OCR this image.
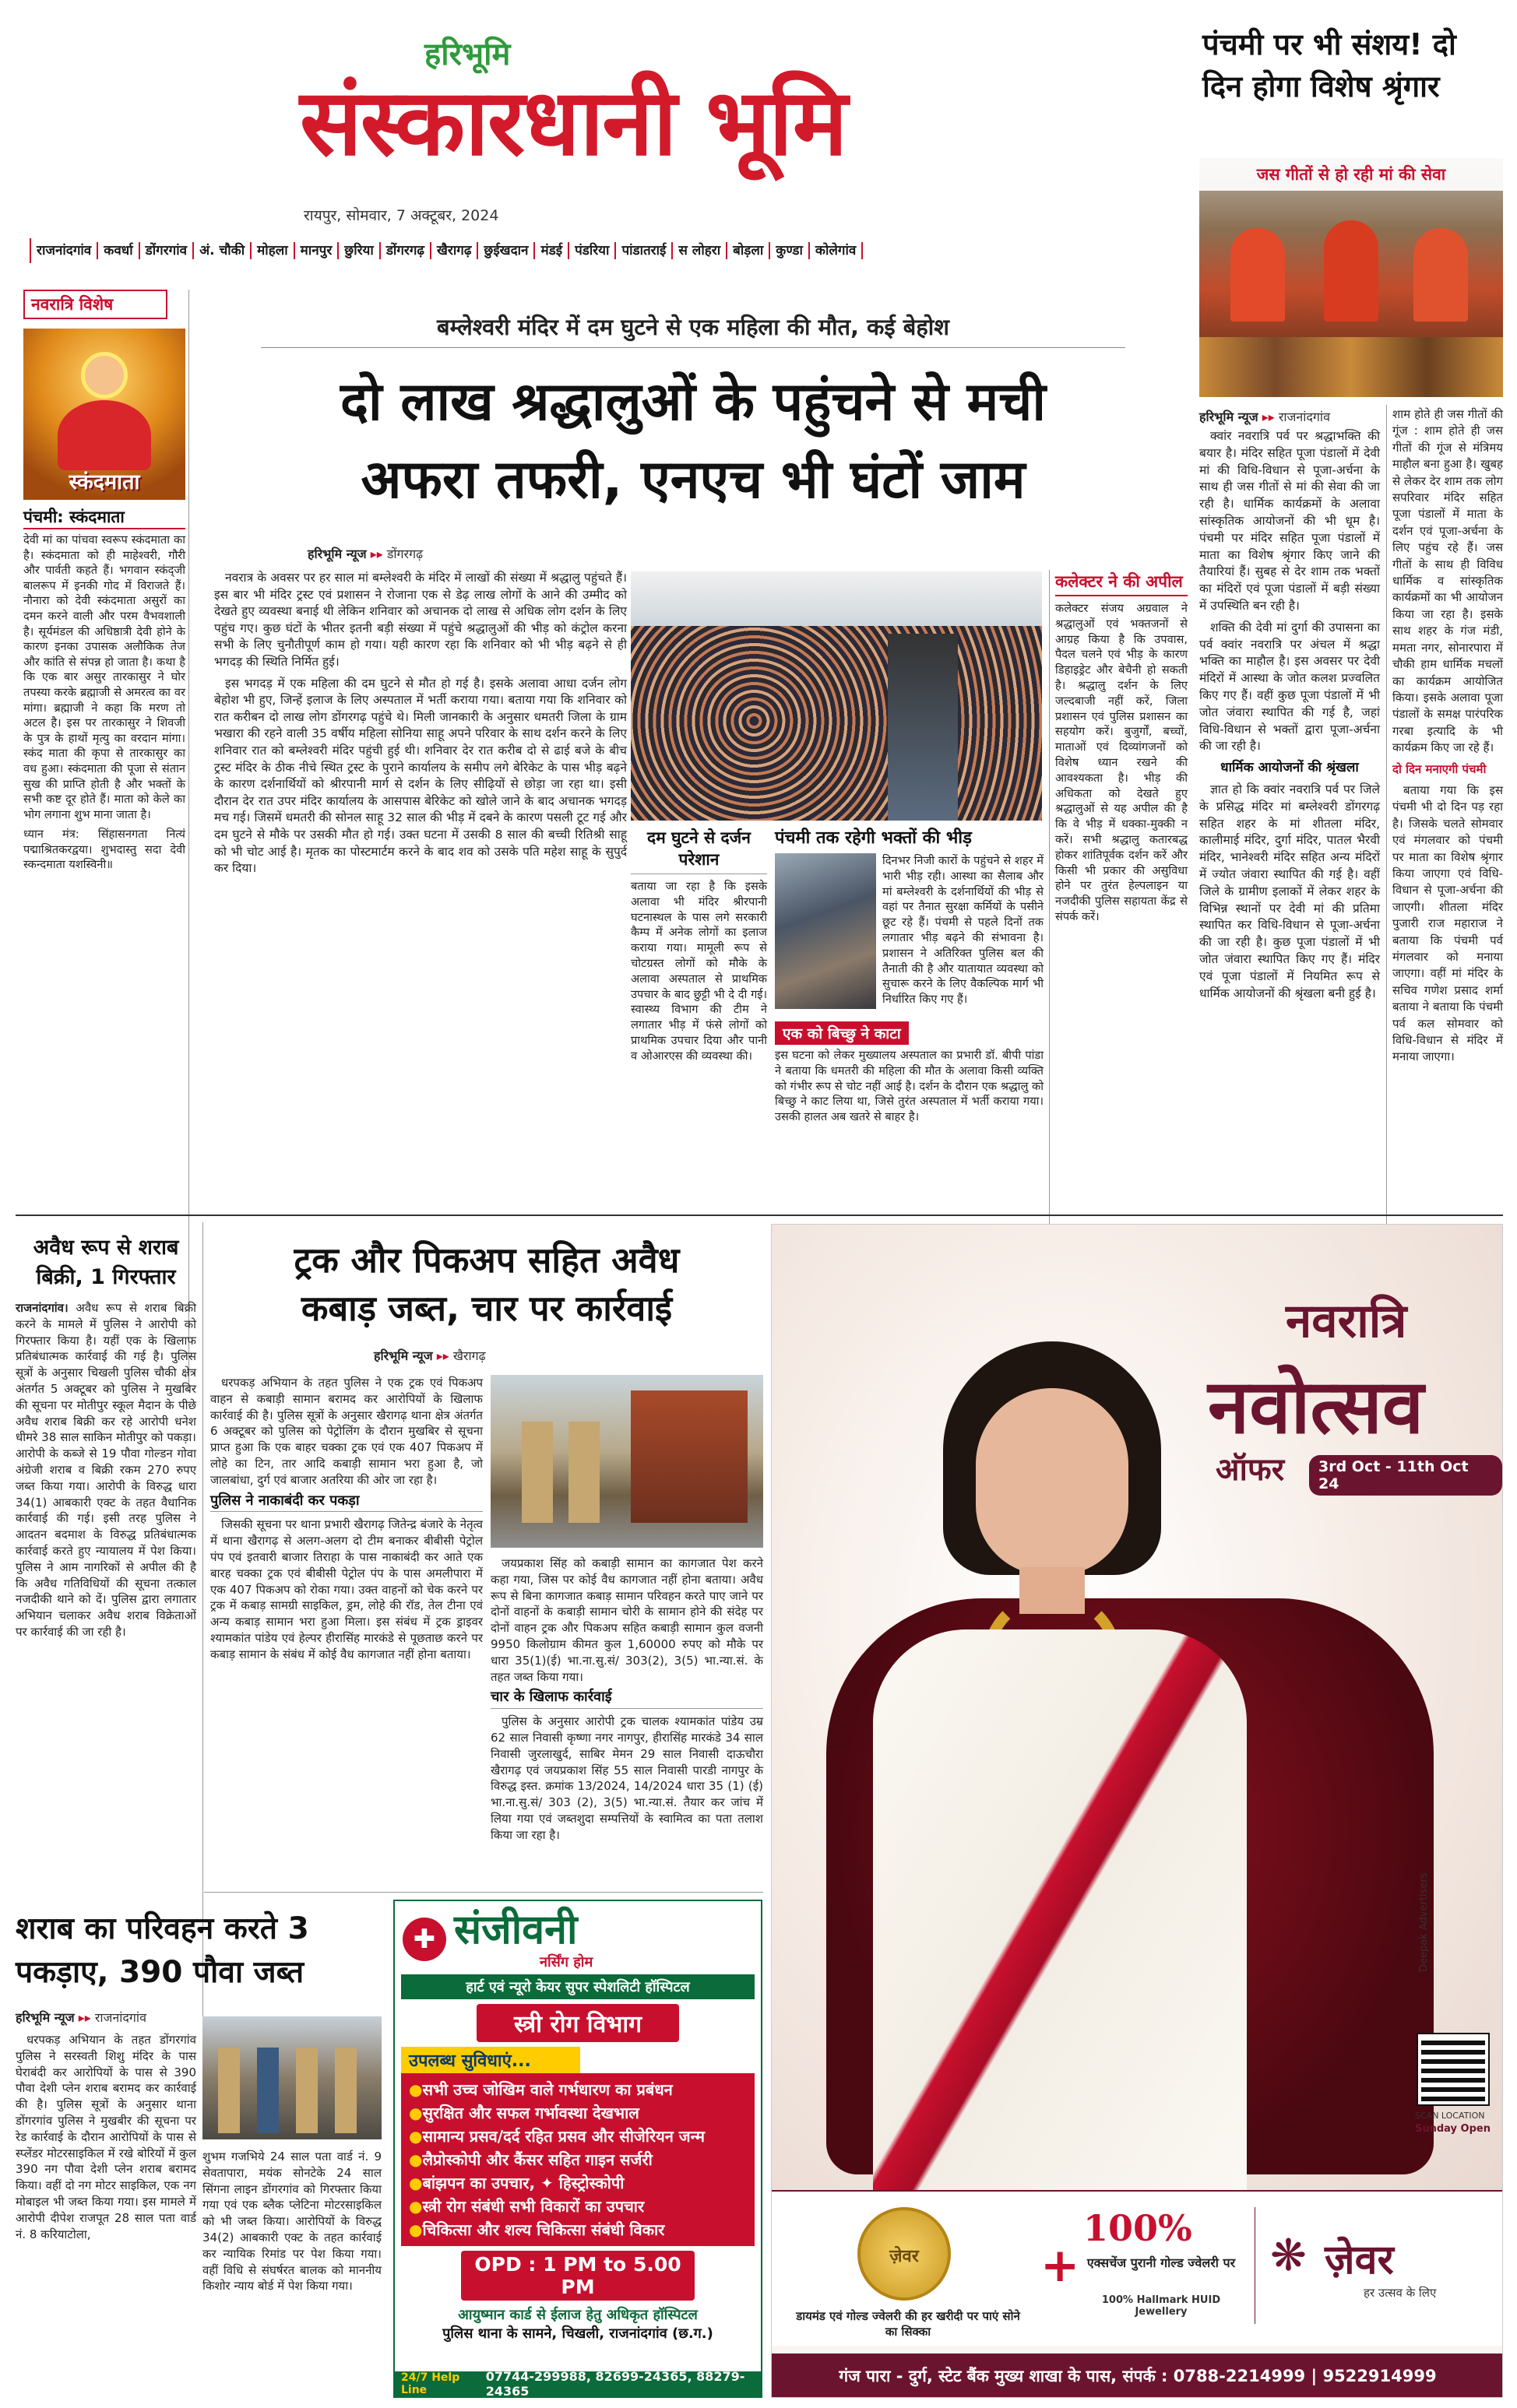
हरिभूमि
संस्कारधानी भूमि
रायपुर, सोमवार, 7 अक्टूबर, 2024
राजनांदगांव कवर्धा डोंगरगांव अं. चौकी मोहला मानपुर छुरिया डोंगरगढ़ खैरागढ़ छुईखदान मंडई पंडरिया पांडातराई स लोहरा बोड़ला कुण्डा कोलेगांव
पंचमी पर भी संशय! दो दिन होगा विशेष श्रृंगार
जस गीतों से हो रही मां की सेवा
हरिभूमि न्यूज ▸▸ राजनांदगांव

क्वांर नवरात्रि पर्व पर श्रद्धाभक्ति की बयार है। मंदिर सहित पूजा पंडालों में देवी मां की विधि-विधान से पूजा-अर्चना के साथ ही जस गीतों से मां की सेवा की जा रही है। धार्मिक कार्यक्रमों के अलावा सांस्कृतिक आयोजनों की भी धूम है। पंचमी पर मंदिर सहित पूजा पंडालों में माता का विशेष श्रृंगार किए जाने की तैयारियां हैं। सुबह से देर शाम तक भक्तों का मंदिरों एवं पूजा पंडालों में बड़ी संख्या में उपस्थिति बन रही है।

शक्ति की देवी मां दुर्गा की उपासना का पर्व क्वांर नवरात्रि पर अंचल में श्रद्धा भक्ति का माहौल है। इस अवसर पर देवी मंदिरों में आस्था के जोत कलश प्रज्वलित किए गए हैं। वहीं कुछ पूजा पंडालों में भी जोत जंवारा स्थापित की गई है, जहां विधि-विधान से भक्तों द्वारा पूजा-अर्चना की जा रही है।

धार्मिक आयोजनों की श्रृंखला

ज्ञात हो कि क्वांर नवरात्रि पर्व पर जिले के प्रसिद्ध मंदिर मां बम्लेश्वरी डोंगरगढ़ सहित शहर के मां शीतला मंदिर, कालीमाई मंदिर, दुर्गा मंदिर, पातल भैरवी मंदिर, भानेश्वरी मंदिर सहित अन्य मंदिरों में ज्योत जंवारा स्थापित की गई है। वहीं जिले के ग्रामीण इलाकों में लेकर शहर के विभिन्न स्थानों पर देवी मां की प्रतिमा स्थापित कर विधि-विधान से पूजा-अर्चना की जा रही है। कुछ पूजा पंडालों में भी जोत जंवारा स्थापित किए गए हैं। मंदिर एवं पूजा पंडालों में नियमित रूप से धार्मिक आयोजनों की श्रृंखला बनी हुई है।

शाम होते ही जस गीतों की गूंज : शाम होते ही जस गीतों की गूंज से मंत्रिमय माहौल बना हुआ है। खुबह से लेकर देर शाम तक लोग सपरिवार मंदिर सहित पूजा पंडालों में माता के दर्शन एवं पूजा-अर्चना के लिए पहुंच रहे हैं। जस गीतों के साथ ही विविध धार्मिक व सांस्कृतिक कार्यक्रमों का भी आयोजन किया जा रहा है। इसके साथ शहर के गंज मंडी, ममता नगर, सोनारपारा में चौकी हाम धार्मिक मचलों का कार्यक्रम आयोजित किया। इसके अलावा पूजा पंडालों के समक्ष पारंपरिक गरबा इत्यादि के भी कार्यक्रम किए जा रहे हैं।

दो दिन मनाएगी पंचमी

बताया गया कि इस पंचमी भी दो दिन पड़ रहा है। जिसके चलते सोमवार एवं मंगलवार को पंचमी पर माता का विशेष श्रृंगार किया जाएगा एवं विधि-विधान से पूजा-अर्चना की जाएगी। शीतला मंदिर पुजारी राज महाराज ने बताया कि पंचमी पर्व मंगलवार को मनाया जाएगा। वहीं मां मंदिर के सचिव गणेश प्रसाद शर्मा बताया ने बताया कि पंचमी पर्व कल सोमवार को विधि-विधान से मंदिर में मनाया जाएगा।

नवरात्रि विशेष
स्कंदमाता
पंचमी: स्कंदमाता

देवी मां का पांचवा स्वरूप स्कंदमाता का है। स्कंदमाता को ही माहेश्वरी, गौरी और पार्वती कहते हैं। भगवान स्कंद्जी बालरूप में इनकी गोद में विराजते हैं। नौनारा को देवी स्कंदमाता असुरों का दमन करने वाली और परम वैभवशाली है। सूर्यमंडल की अधिष्ठात्री देवी होने के कारण इनका उपासक अलौकिक तेज और कांति से संपन्न हो जाता है। कथा है कि एक बार असुर तारकासुर ने घोर तपस्या करके ब्रह्माजी से अमरत्व का वर मांगा। ब्रह्माजी ने कहा कि मरण तो अटल है। इस पर तारकासुर ने शिवजी के पुत्र के हाथों मृत्यु का वरदान मांगा। स्कंद माता की कृपा से तारकासुर का वध हुआ। स्कंदमाता की पूजा से संतान सुख की प्राप्ति होती है और भक्तों के सभी कष्ट दूर होते हैं। माता को केले का भोग लगाना शुभ माना जाता है।

ध्यान मंत्र: सिंहासनगता नित्यं पद्माश्रितकरद्वया। शुभदास्तु सदा देवी स्कन्दमाता यशस्विनी॥

बम्लेश्वरी मंदिर में दम घुटने से एक महिला की मौत, कई बेहोश
दो लाख श्रद्धालुओं के पहुंचने से मची
अफरा तफरी, एनएच भी घंटों जाम
हरिभूमि न्यूज ▸▸ डोंगरगढ़

नवरात्र के अवसर पर हर साल मां बम्लेश्वरी के मंदिर में लाखों की संख्या में श्रद्धालु पहुंचते हैं। इस बार भी मंदिर ट्रस्ट एवं प्रशासन ने रोजाना एक से डेढ़ लाख लोगों के आने की उम्मीद को देखते हुए व्यवस्था बनाई थी लेकिन शनिवार को अचानक दो लाख से अधिक लोग दर्शन के लिए पहुंच गए। कुछ घंटों के भीतर इतनी बड़ी संख्या में पहुंचे श्रद्धालुओं की भीड़ को कंट्रोल करना सभी के लिए चुनौतीपूर्ण काम हो गया। यही कारण रहा कि शनिवार को भी भीड़ बढ़ने से ही भगदड़ की स्थिति निर्मित हुई।

इस भगदड़ में एक महिला की दम घुटने से मौत हो गई है। इसके अलावा आधा दर्जन लोग बेहोश भी हुए, जिन्हें इलाज के लिए अस्पताल में भर्ती कराया गया। बताया गया कि शनिवार को रात करीबन दो लाख लोग डोंगरगढ़ पहुंचे थे। मिली जानकारी के अनुसार धमतरी जिला के ग्राम भखारा की रहने वाली 35 वर्षीय महिला सोनिया साहू अपने परिवार के साथ दर्शन करने के लिए शनिवार रात को बम्लेश्वरी मंदिर पहुंची हुई थी। शनिवार देर रात करीब दो से ढाई बजे के बीच ट्रस्ट मंदिर के ठीक नीचे स्थित ट्रस्ट के पुराने कार्यालय के समीप लगे बेरिकेट के पास भीड़ बढ़ने के कारण दर्शनार्थियों को श्रीरपानी मार्ग से दर्शन के लिए सीढ़ियों से छोड़ा जा रहा था। इसी दौरान देर रात उपर मंदिर कार्यालय के आसपास बेरिकेट को खोले जाने के बाद अचानक भगदड़ मच गई। जिसमें धमतरी की सोनल साहू 32 साल की भीड़ में दबने के कारण पसली टूट गई और दम घुटने से मौके पर उसकी मौत हो गई। उक्त घटना में उसकी 8 साल की बच्ची रितिश्री साहू को भी चोट आई है। मृतक का पोस्टमार्टम करने के बाद शव को उसके पति महेश साहू के सुपुर्द कर दिया।

कलेक्टर ने की अपील

कलेक्टर संजय अग्रवाल ने श्रद्धालुओं एवं भक्तजनों से आग्रह किया है कि उपवास, पैदल चलने एवं भीड़ के कारण डिहाइड्रेट और बेचैनी हो सकती है। श्रद्धालु दर्शन के लिए जल्दबाजी नहीं करें, जिला प्रशासन एवं पुलिस प्रशासन का सहयोग करें। बुजुर्गों, बच्चों, माताओं एवं दिव्यांगजनों को विशेष ध्यान रखने की आवश्यकता है। भीड़ की अधिकता को देखते हुए श्रद्धालुओं से यह अपील की है कि वे भीड़ में धक्का-मुक्की न करें। सभी श्रद्धालु कतारबद्ध होकर शांतिपूर्वक दर्शन करें और किसी भी प्रकार की असुविधा होने पर तुरंत हेल्पलाइन या नजदीकी पुलिस सहायता केंद्र से संपर्क करें।

दम घुटने से दर्जन परेशान

बताया जा रहा है कि इसके अलावा भी मंदिर श्रीरपानी घटनास्थल के पास लगे सरकारी कैम्प में अनेक लोगों का इलाज कराया गया। मामूली रूप से चोटग्रस्त लोगों को मौके के अलावा अस्पताल से प्राथमिक उपचार के बाद छुट्टी भी दे दी गई। स्वास्थ्य विभाग की टीम ने लगातार भीड़ में फंसे लोगों को प्राथमिक उपचार दिया और पानी व ओआरएस की व्यवस्था की।

पंचमी तक रहेगी भक्तों की भीड़

दिनभर निजी कारों के पहुंचने से शहर में भारी भीड़ रही। आस्था का सैलाब और मां बम्लेश्वरी के दर्शनार्थियों की भीड़ से वहां पर तैनात सुरक्षा कर्मियों के पसीने छूट रहे हैं। पंचमी से पहले दिनों तक लगातार भीड़ बढ़ने की संभावना है। प्रशासन ने अतिरिक्त पुलिस बल की तैनाती की है और यातायात व्यवस्था को सुचारू करने के लिए वैकल्पिक मार्ग भी निर्धारित किए गए हैं।

एक को बिच्छु ने काटा

इस घटना को लेकर मुख्यालय अस्पताल का प्रभारी डॉ. बीपी पांडा ने बताया कि धमतरी की महिला की मौत के अलावा किसी व्यक्ति को गंभीर रूप से चोट नहीं आई है। दर्शन के दौरान एक श्रद्धालु को बिच्छु ने काट लिया था, जिसे तुरंत अस्पताल में भर्ती कराया गया। उसकी हालत अब खतरे से बाहर है।

अवैध रूप से शराब बिक्री, 1 गिरफ्तार

राजनांदगांव। अवैध रूप से शराब बिक्री करने के मामले में पुलिस ने आरोपी को गिरफ्तार किया है। यहीं एक के खिलाफ प्रतिबंधात्मक कार्रवाई की गई है। पुलिस सूत्रों के अनुसार चिखली पुलिस चौकी क्षेत्र अंतर्गत 5 अक्टूबर को पुलिस ने मुखबिर की सूचना पर मोतीपुर स्कूल मैदान के पीछे अवैध शराब बिक्री कर रहे आरोपी धनेश धीमरे 38 साल साकिन मोतीपुर को पकड़ा। आरोपी के कब्जे से 19 पौवा गोल्डन गोवा अंग्रेजी शराब व बिक्री रकम 270 रुपए जब्त किया गया। आरोपी के विरुद्ध धारा 34(1) आबकारी एक्ट के तहत वैधानिक कार्रवाई की गई। इसी तरह पुलिस ने आदतन बदमाश के विरुद्ध प्रतिबंधात्मक कार्रवाई करते हुए न्यायालय में पेश किया। पुलिस ने आम नागरिकों से अपील की है कि अवैध गतिविधियों की सूचना तत्काल नजदीकी थाने को दें। पुलिस द्वारा लगातार अभियान चलाकर अवैध शराब विक्रेताओं पर कार्रवाई की जा रही है।

ट्रक और पिकअप सहित अवैध
कबाड़ जब्त, चार पर कार्रवाई
हरिभूमि न्यूज ▸▸ खैरागढ़

धरपकड़ अभियान के तहत पुलिस ने एक ट्रक एवं पिकअप वाहन से कबाड़ी सामान बरामद कर आरोपियों के खिलाफ कार्रवाई की है। पुलिस सूत्रों के अनुसार खैरागढ़ थाना क्षेत्र अंतर्गत 6 अक्टूबर को पुलिस को पेट्रोलिंग के दौरान मुखबिर से सूचना प्राप्त हुआ कि एक बाहर चक्का ट्रक एवं एक 407 पिकअप में लोहे का टिन, तार आदि कबाड़ी सामान भरा हुआ है, जो जालबांधा, दुर्ग एवं बाजार अतरिया की ओर जा रहा है।

पुलिस ने नाकाबंदी कर पकड़ा

जिसकी सूचना पर थाना प्रभारी खैरागढ़ जितेन्द्र बंजारे के नेतृत्व में थाना खैरागढ़ से अलग-अलग दो टीम बनाकर बीबीसी पेट्रोल पंप एवं इतवारी बाजार तिराहा के पास नाकाबंदी कर आते एक बारह चक्का ट्रक एवं बीबीसी पेट्रोल पंप के पास अमलीपारा में एक 407 पिकअप को रोका गया। उक्त वाहनों को चेक करने पर ट्रक में कबाड़ सामग्री साइकिल, ड्रम, लोहे की रॉड, तेल टीना एवं अन्य कबाड़ सामान भरा हुआ मिला। इस संबंध में ट्रक ड्राइवर श्यामकांत पांडेय एवं हेल्पर हीरासिंह मारकंडे से पूछताछ करने पर कबाड़ सामान के संबंध में कोई वैध कागजात नहीं होना बताया।

जयप्रकाश सिंह को कबाड़ी सामान का कागजात पेश करने कहा गया, जिस पर कोई वैध कागजात नहीं होना बताया। अवैध रूप से बिना कागजात कबाड़ सामान परिवहन करते पाए जाने पर दोनों वाहनों के कबाड़ी सामान चोरी के सामान होने की संदेह पर दोनों वाहन ट्रक और पिकअप सहित कबाड़ी सामान कुल वजनी 9950 किलोग्राम कीमत कुल 1,60000 रुपए को मौके पर धारा 35(1)(ई) भा.ना.सु.सं/ 303(2), 3(5) भा.न्या.सं. के तहत जब्त किया गया।

चार के खिलाफ कार्रवाई

पुलिस के अनुसार आरोपी ट्रक चालक श्यामकांत पांडेय उम्र 62 साल निवासी कृष्णा नगर नागपुर, हीरासिंह मारकंडे 34 साल निवासी जुरलाखुर्द, साबिर मेमन 29 साल निवासी दाऊचौरा खैरागढ़ एवं जयप्रकाश सिंह 55 साल निवासी पारडी नागपुर के विरुद्ध इस्त. क्रमांक 13/2024, 14/2024 धारा 35 (1) (ई) भा.ना.सु.सं/ 303 (2), 3(5) भा.न्या.सं. तैयार कर जांच में लिया गया एवं जब्तशुदा सम्पत्तियों के स्वामित्व का पता तलाश किया जा रहा है।

शराब का परिवहन करते 3 पकड़ाए, 390 पौवा जब्त
हरिभूमि न्यूज ▸▸ राजनांदगांव

धरपकड़ अभियान के तहत डोंगरगांव पुलिस ने सरस्वती शिशु मंदिर के पास घेराबंदी कर आरोपियों के पास से 390 पौवा देशी प्लेन शराब बरामद कर कार्रवाई की है। पुलिस सूत्रों के अनुसार थाना डोंगरगांव पुलिस ने मुखबीर की सूचना पर रेड कार्रवाई के दौरान आरोपियों के पास से स्प्लेंडर मोटरसाइकिल में रखे बोरियों में कुल 390 नग पौवा देशी प्लेन शराब बरामद किया। वहीं दो नग मोटर साइकिल, एक नग मोबाइल भी जब्त किया गया। इस मामले में आरोपी दीपेश राजपूत 28 साल पता वार्ड नं. 8 करियाटोला,

शुभम गजभिये 24 साल पता वार्ड नं. 9 सेवतापारा, मयंक सोनटेके 24 साल सिंगना लाइन डोंगरगांव को गिरफ्तार किया गया एवं एक ब्लैक प्लेटिना मोटरसाइकिल को भी जब्त किया। आरोपियों के विरुद्ध 34(2) आबकारी एक्ट के तहत कार्रवाई कर न्यायिक रिमांड पर पेश किया गया। वहीं विधि से संघर्षरत बालक को माननीय किशोर न्याय बोर्ड में पेश किया गया।

✚ संजीवनी
नर्सिंग होम
हार्ट एवं न्यूरो केयर सुपर स्पेशलिटी हॉस्पिटल
स्त्री रोग विभाग
उपलब्ध सुविधाएं...
● सभी उच्च जोखिम वाले गर्भधारण का प्रबंधन
● सुरक्षित और सफल गर्भावस्था देखभाल
● सामान्य प्रसव/दर्द रहित प्रसव और सीजेरियन जन्म
● लैप्रोस्कोपी और कैंसर सहित गाइन सर्जरी
● बांझपन का उपचार, ✦ हिस्ट्रोस्कोपी
● स्त्री रोग संबंधी सभी विकारों का उपचार
● चिकित्सा और शल्य चिकित्सा संबंधी विकार
OPD : 1 PM to 5.00 PM
आयुष्मान कार्ड से ईलाज हेतु अधिकृत हॉस्पिटल
पुलिस थाना के सामने, चिखली, राजनांदगांव (छ.ग.)
24/7 Help Line
07744-299988, 82699-24365, 88279-24365
नवरात्रि
नवोत्सव
ऑफर	3rd Oct - 11th Oct 24
Deepak Advertisers
SCAN LOCATION
Sunday Open
ज़ेवर
डायमंड एवं गोल्ड ज्वेलरी की हर खरीदी पर पाएं सोने का सिक्का
+
100%
एक्सचेंज पुरानी गोल्ड ज्वेलरी पर
100% Hallmark HUID Jewellery
❋ ज़ेवर
हर उत्सव के लिए
गंज पारा - दुर्ग, स्टेट बैंक मुख्य शाखा के पास, संपर्क : 0788-2214999 | 9522914999
